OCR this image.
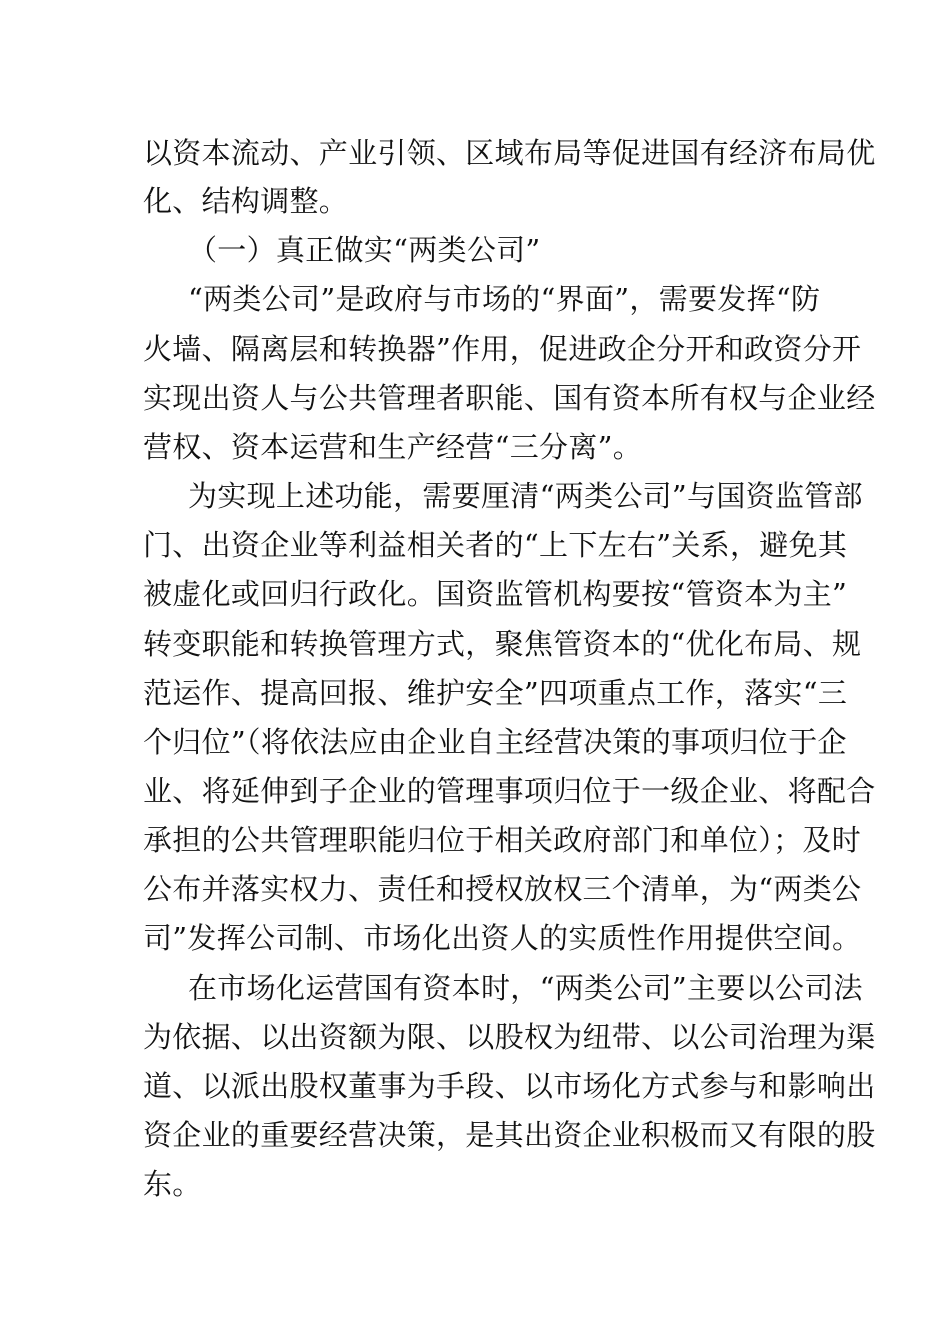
以资本流动、产业引领、区域布局等促进国有经济布局优
化、结构调整。
（一）真正做实“两类公司”
“两类公司”是政府与市场的“界面”，需要发挥“防
火墙、隔离层和转换器”作用，促进政企分开和政资分开
实现出资人与公共管理者职能、国有资本所有权与企业经
营权、资本运营和生产经营“三分离”。
为实现上述功能，需要厘清“两类公司”与国资监管部
门、出资企业等利益相关者的“上下左右”关系，避免其
被虚化或回归行政化。国资监管机构要按“管资本为主”
转变职能和转换管理方式，聚焦管资本的“优化布局、规
范运作、提高回报、维护安全”四项重点工作，落实“三
个归位”（将依法应由企业自主经营决策的事项归位于企
业、将延伸到子企业的管理事项归位于一级企业、将配合
承担的公共管理职能归位于相关政府部门和单位）；及时
公布并落实权力、责任和授权放权三个清单，为“两类公
司”发挥公司制、市场化出资人的实质性作用提供空间。
在市场化运营国有资本时，“两类公司”主要以公司法
为依据、以出资额为限、以股权为纽带、以公司治理为渠
道、以派出股权董事为手段、以市场化方式参与和影响出
资企业的重要经营决策，是其出资企业积极而又有限的股
东。
